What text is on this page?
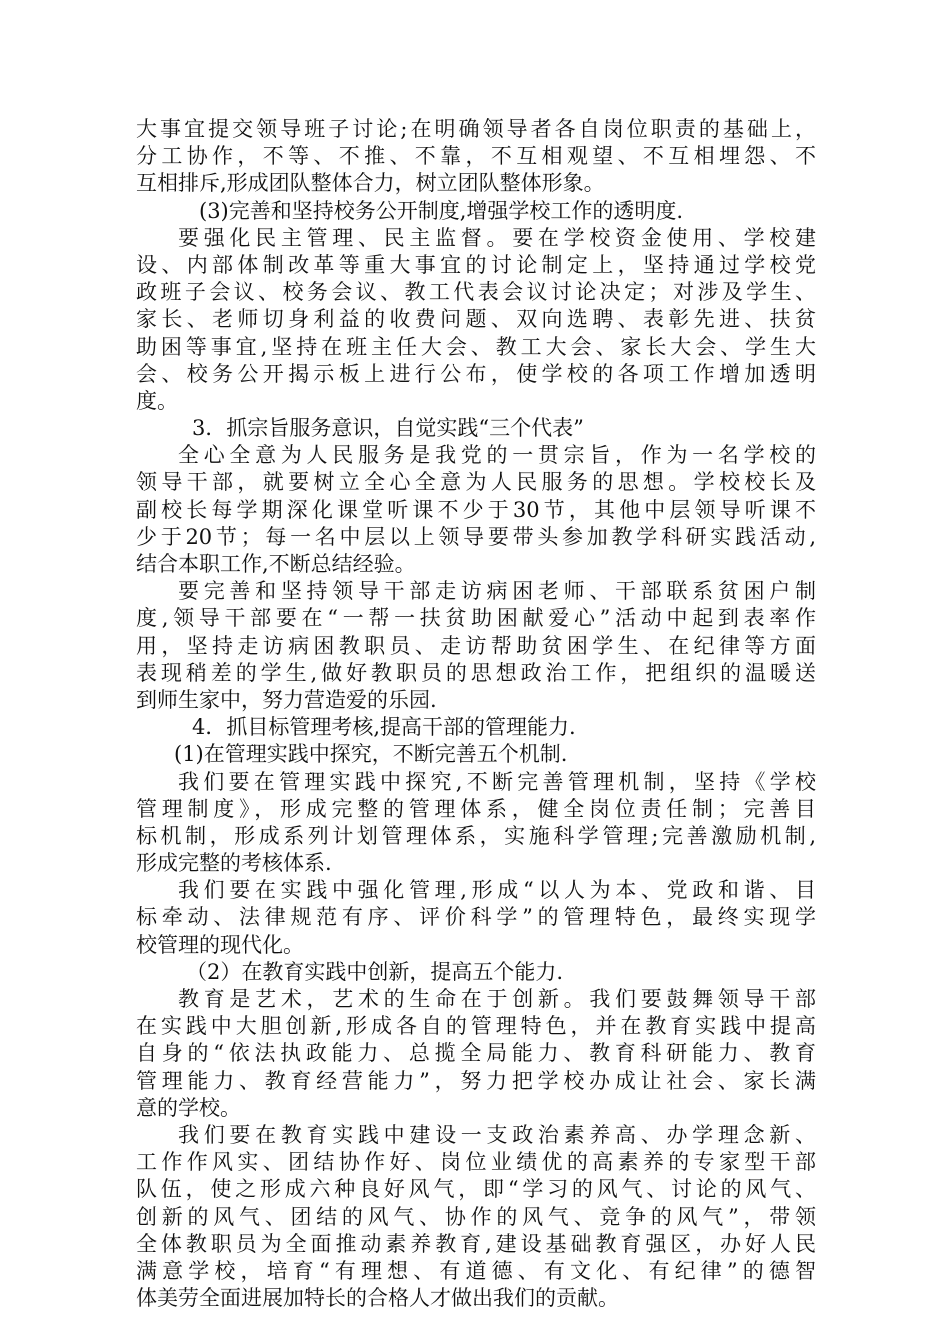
大事宜提交领导班子讨论;在明确领导者各自岗位职责的基础上，
分工协作，不等、不推、不靠，不互相观望、不互相埋怨、不
互相排斥,形成团队整体合力，树立团队整体形象。
(3)完善和坚持校务公开制度,增强学校工作的透明度.
要强化民主管理、民主监督。要在学校资金使用、学校建
设、内部体制改革等重大事宜的讨论制定上，坚持通过学校党
政班子会议、校务会议、教工代表会议讨论决定；对涉及学生、
家长、老师切身利益的收费问题、双向选聘、表彰先进、扶贫
助困等事宜,坚持在班主任大会、教工大会、家长大会、学生大
会、校务公开揭示板上进行公布，使学校的各项工作增加透明
度。
3．抓宗旨服务意识，自觉实践“三个代表”
全心全意为人民服务是我党的一贯宗旨，作为一名学校的
领导干部，就要树立全心全意为人民服务的思想。学校校长及
副校长每学期深化课堂听课不少于30节，其他中层领导听课不
少于20节；每一名中层以上领导要带头参加教学科研实践活动,
结合本职工作,不断总结经验。
要完善和坚持领导干部走访病困老师、干部联系贫困户制
度,领导干部要在“一帮一扶贫助困献爱心”活动中起到表率作
用，坚持走访病困教职员、走访帮助贫困学生、在纪律等方面
表现稍差的学生,做好教职员的思想政治工作，把组织的温暖送
到师生家中，努力营造爱的乐园.
4．抓目标管理考核,提高干部的管理能力.
(1)在管理实践中探究，不断完善五个机制.
我们要在管理实践中探究,不断完善管理机制，坚持《学校
管理制度》，形成完整的管理体系，健全岗位责任制；完善目
标机制，形成系列计划管理体系，实施科学管理;完善激励机制,
形成完整的考核体系.
我们要在实践中强化管理,形成“以人为本、党政和谐、目
标牵动、法律规范有序、评价科学”的管理特色，最终实现学
校管理的现代化。
（2）在教育实践中创新，提高五个能力.
教育是艺术，艺术的生命在于创新。我们要鼓舞领导干部
在实践中大胆创新,形成各自的管理特色，并在教育实践中提高
自身的“依法执政能力、总揽全局能力、教育科研能力、教育
管理能力、教育经营能力”，努力把学校办成让社会、家长满
意的学校。
我们要在教育实践中建设一支政治素养高、办学理念新、
工作作风实、团结协作好、岗位业绩优的高素养的专家型干部
队伍，使之形成六种良好风气，即“学习的风气、讨论的风气、
创新的风气、团结的风气、协作的风气、竞争的风气”，带领
全体教职员为全面推动素养教育,建设基础教育强区，办好人民
满意学校，培育“有理想、有道德、有文化、有纪律”的德智
体美劳全面进展加特长的合格人才做出我们的贡献。
